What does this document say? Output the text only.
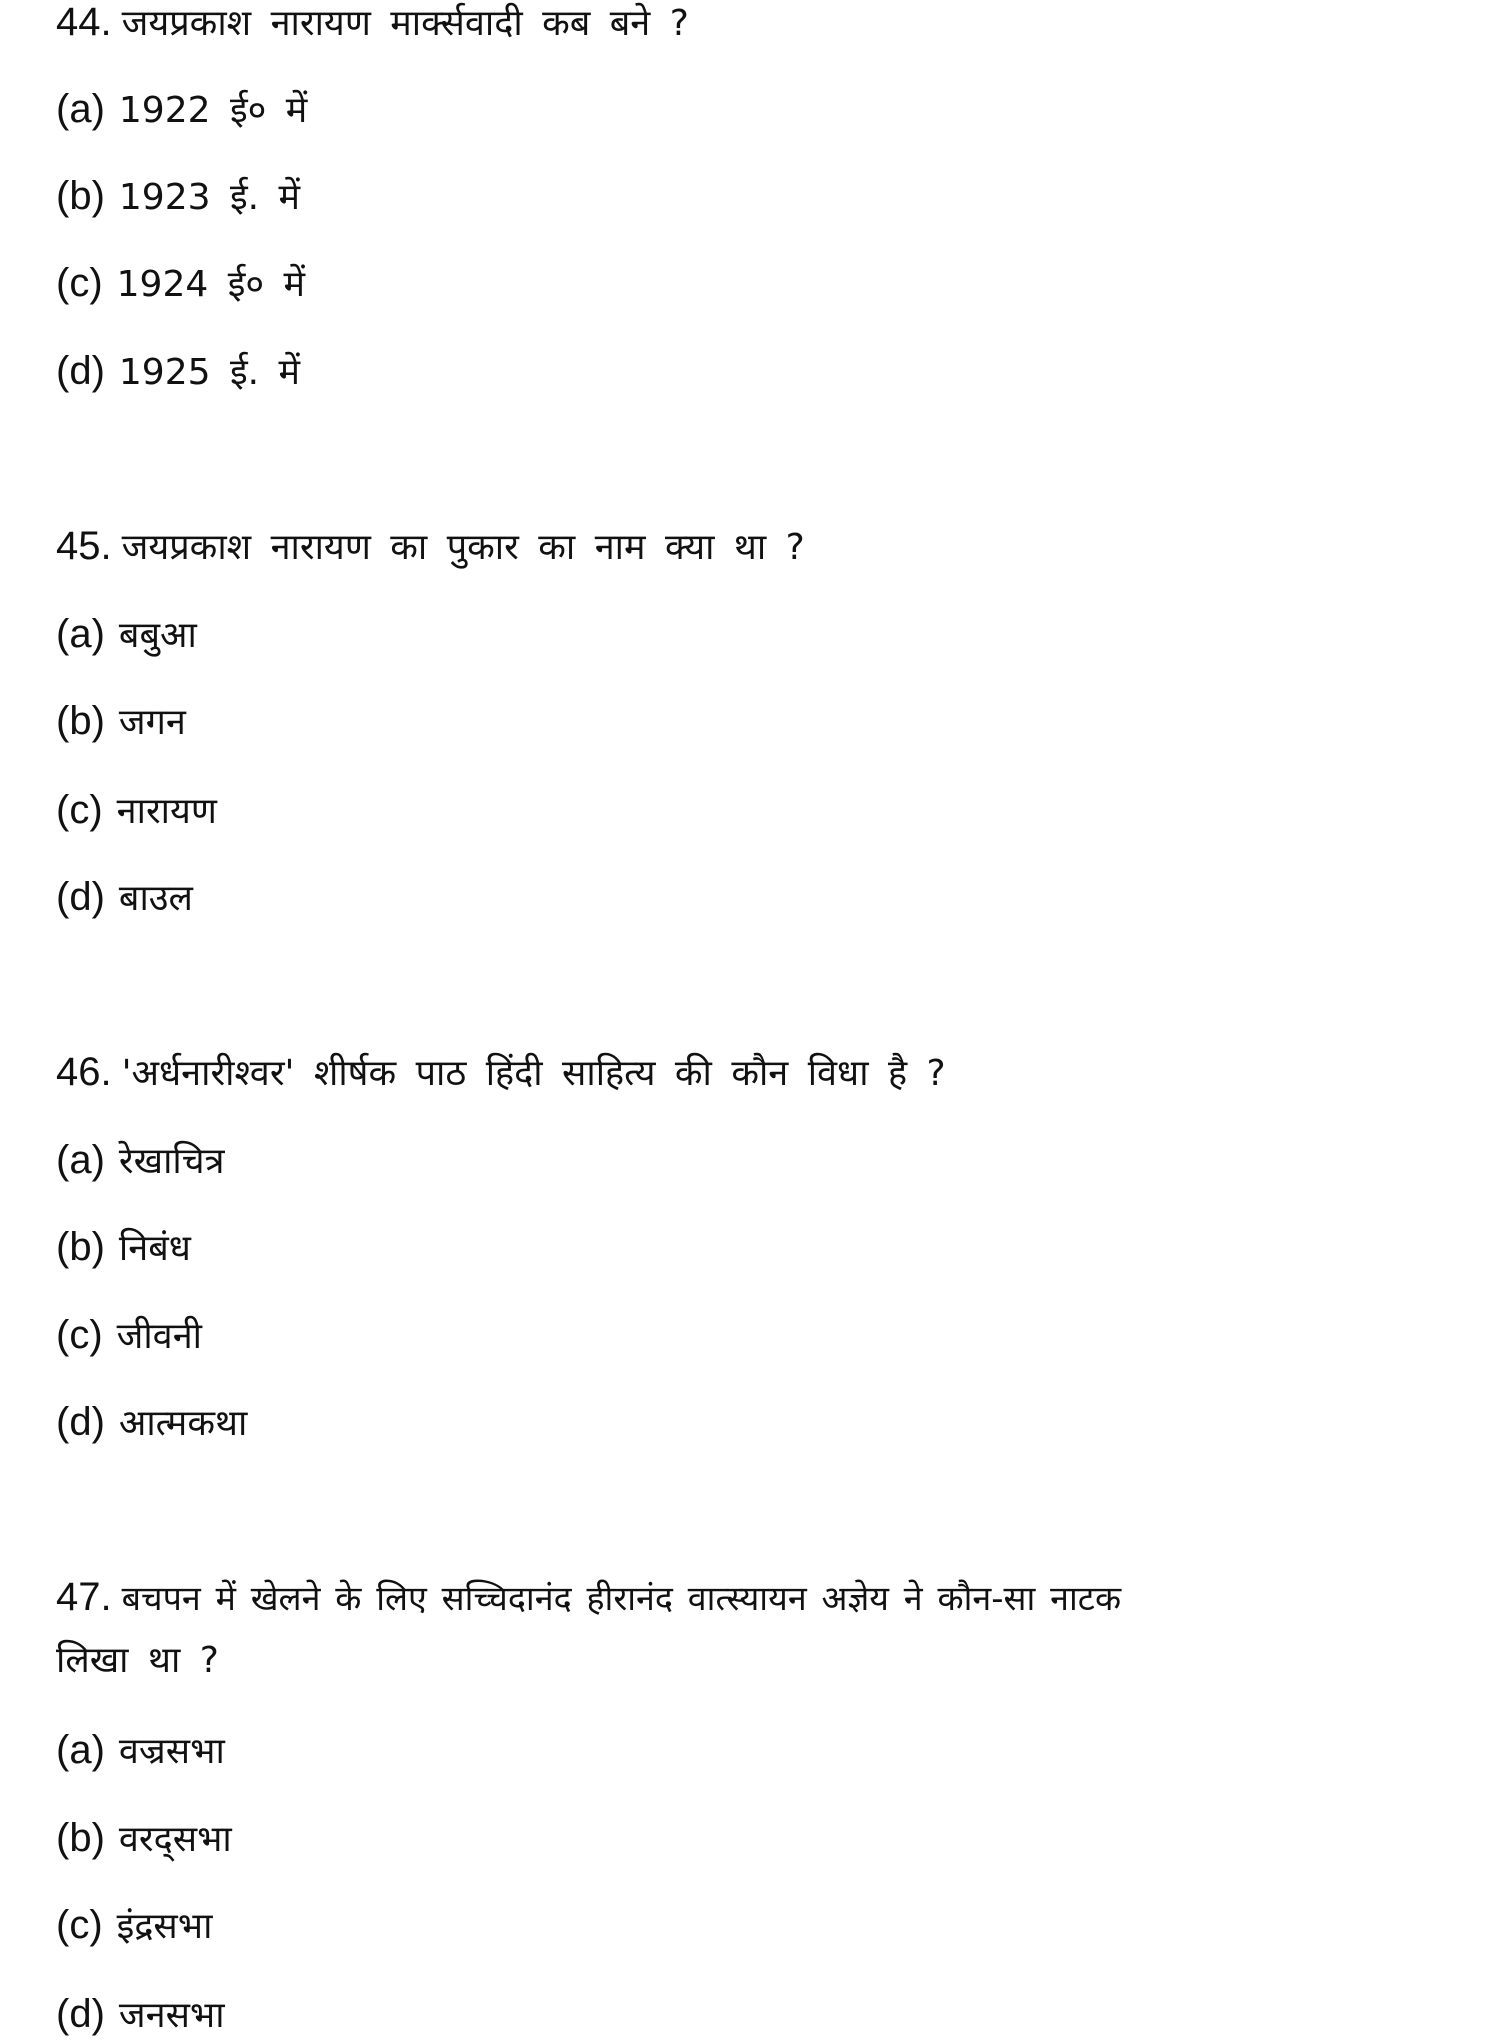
44. जयप्रकाश नारायण मार्क्सवादी कब बने ?
(a) 1922 ई० में
(b) 1923 ई. में
(c) 1924 ई० में
(d) 1925 ई. में
45. जयप्रकाश नारायण का पुकार का नाम क्या था ?
(a) बबुआ
(b) जगन
(c) नारायण
(d) बाउल
46. 'अर्धनारीश्वर' शीर्षक पाठ हिंदी साहित्य की कौन विधा है ?
(a) रेखाचित्र
(b) निबंध
(c) जीवनी
(d) आत्मकथा
47. बचपन में खेलने के लिए सच्चिदानंद हीरानंद वात्स्यायन अज्ञेय ने कौन-सा नाटक
लिखा था ?
(a) वज्रसभा
(b) वरद्सभा
(c) इंद्रसभा
(d) जनसभा
